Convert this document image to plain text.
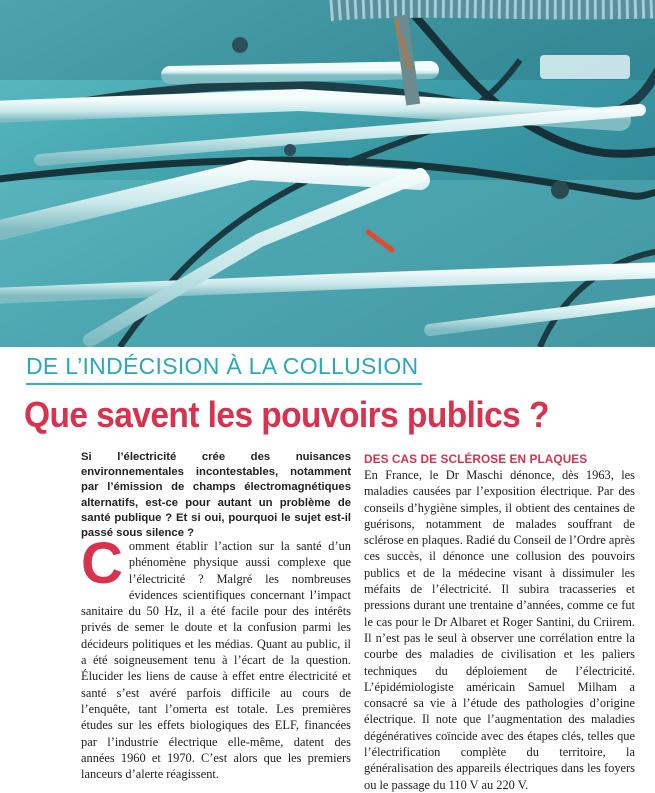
DE L’INDÉCISION À LA COLLUSION
Que savent les pouvoirs publics ?

Si l’électricité crée des nuisances environnementales incontestables, notamment par l’émission de champs électromagnétiques alternatifs, est-ce pour autant un problème de santé publique ? Et si oui, pourquoi le sujet est-il passé sous silence ?

Comment établir l’action sur la santé d’un phénomène physique aussi complexe que l’électricité ? Malgré les nombreuses évidences scientifiques concernant l’impact sanitaire du 50 Hz, il a été facile pour des intérêts privés de semer le doute et la confusion parmi les décideurs politiques et les médias. Quant au public, il a été soigneusement tenu à l’écart de la question. Élucider les liens de cause à effet entre électricité et santé s’est avéré parfois difficile au cours de l’enquête, tant l’omerta est totale. Les premières études sur les effets biologiques des ELF, financées par l’industrie électrique elle-même, datent des années 1960 et 1970. C’est alors que les premiers lanceurs d’alerte réagissent.

DES CAS DE SCLÉROSE EN PLAQUES

En France, le Dr Maschi dénonce, dès 1963, les maladies causées par l’exposition électrique. Par des conseils d’hygiène simples, il obtient des centaines de guérisons, notamment de malades souffrant de sclérose en plaques. Radié du Conseil de l’Ordre après ces succès, il dénonce une collusion des pouvoirs publics et de la médecine visant à dissimuler les méfaits de l’électricité. Il subira tracasseries et pressions durant une trentaine d’années, comme ce fut le cas pour le Dr Albaret et Roger Santini, du Criirem. Il n’est pas le seul à observer une corrélation entre la courbe des maladies de civilisation et les paliers techniques du déploiement de l’électricité. L’épidémiologiste américain Samuel Milham a consacré sa vie à l’étude des pathologies d’origine électrique. Il note que l’augmentation des maladies dégénératives coïncide avec des étapes clés, telles que l’électrification complète du territoire, la généralisation des appareils électriques dans les foyers ou le passage du 110 V au 220 V.
